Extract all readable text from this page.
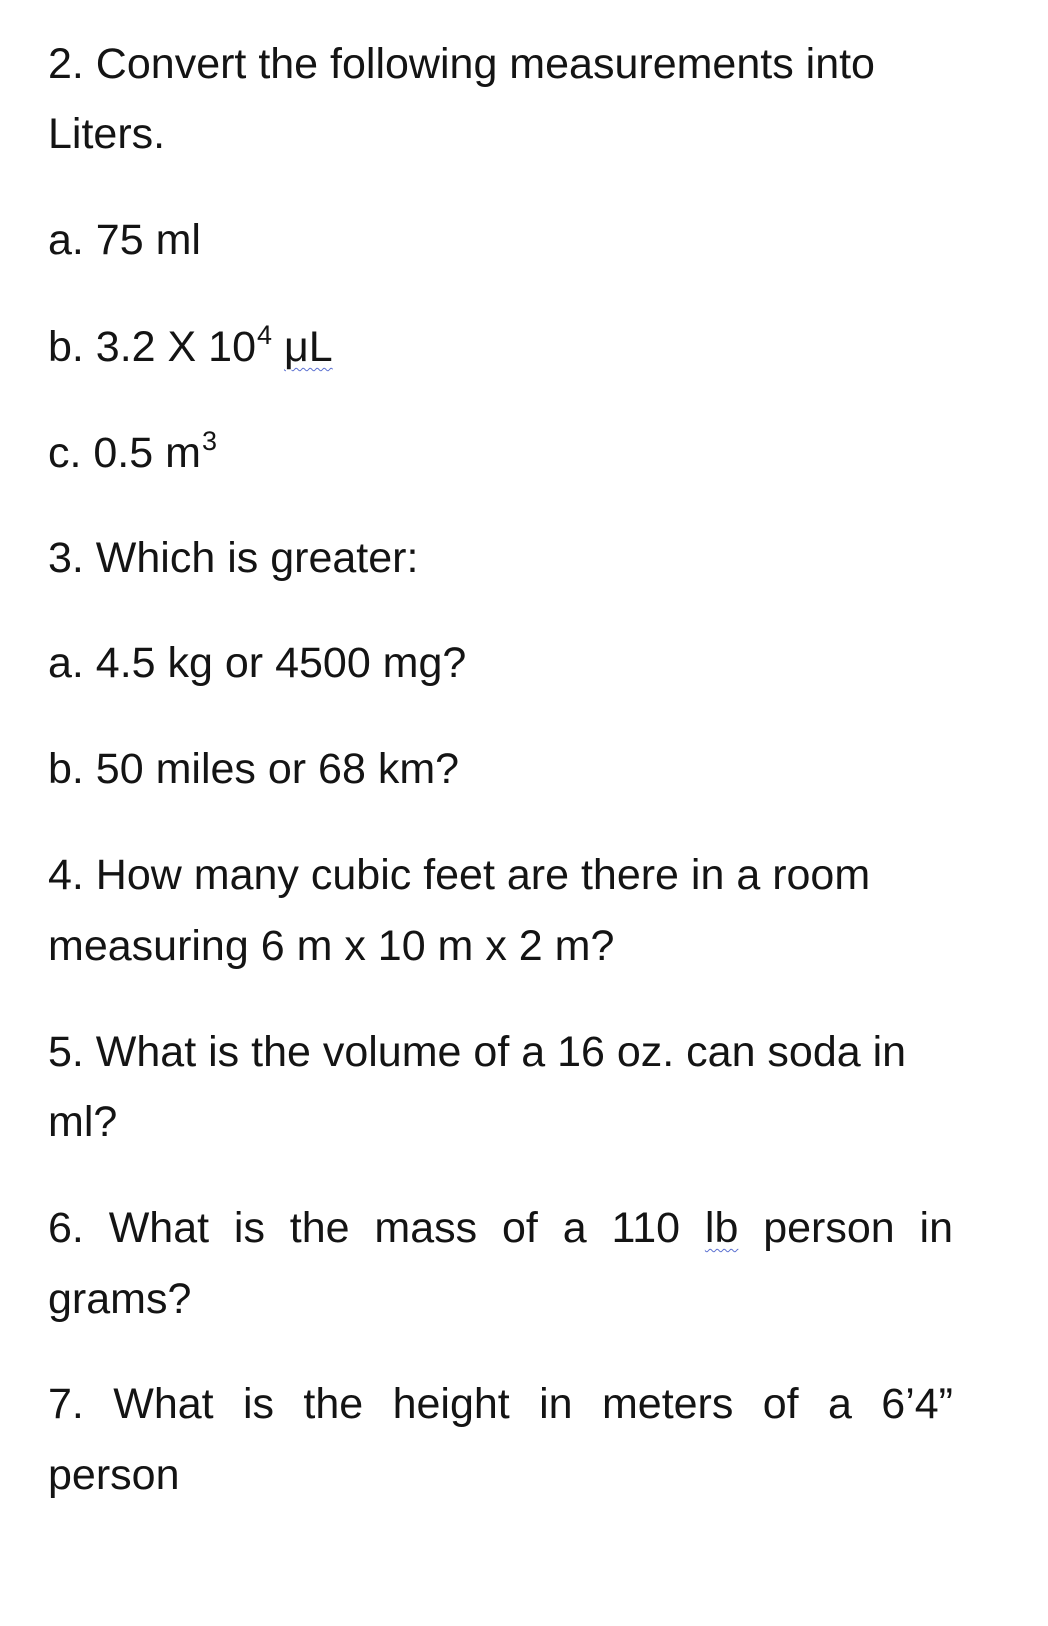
2. Convert the following measurements into
Liters.
a. 75 ml
b. 3.2 X $10^4$ μL
c. 0.5 $m^3$
3. Which is greater:
a. 4.5 kg or 4500 mg?
b. 50 miles or 68 km?
4. How many cubic feet are there in a room
measuring 6 m x 10 m x 2 m?
5. What is the volume of a 16 oz. can soda in
ml?
6. What is the mass of a 110 lb person in
grams?
7. What is the height in meters of a 6’4”
person
